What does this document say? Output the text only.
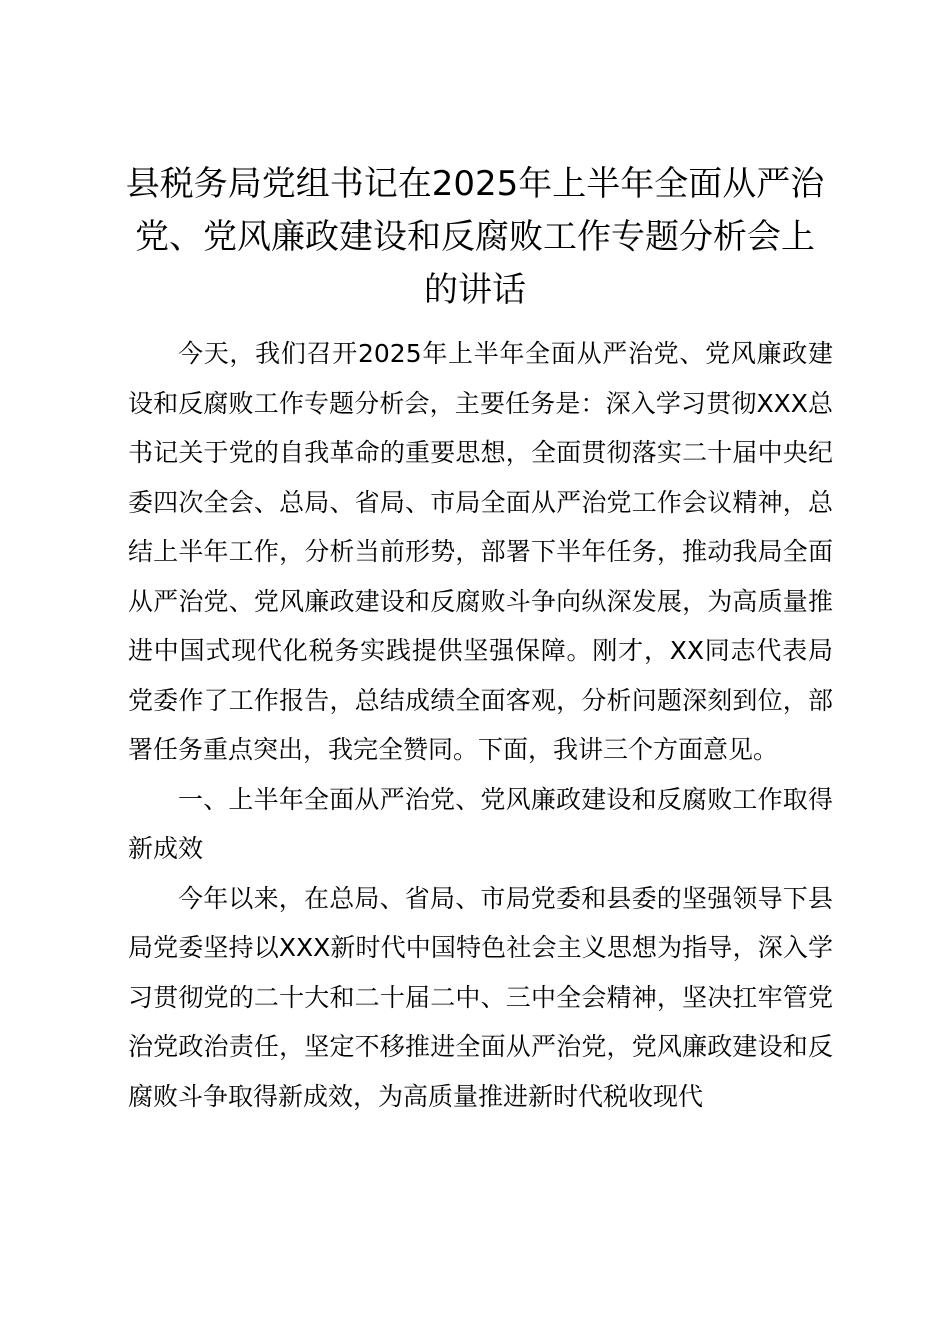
县税务局党组书记在2025年上半年全面从严治党、党风廉政建设和反腐败工作专题分析会上的讲话

今天，我们召开2025年上半年全面从严治党、党风廉政建设和反腐败工作专题分析会，主要任务是：深入学习贯彻XXX总书记关于党的自我革命的重要思想，全面贯彻落实二十届中央纪委四次全会、总局、省局、市局全面从严治党工作会议精神，总结上半年工作，分析当前形势，部署下半年任务，推动我局全面从严治党、党风廉政建设和反腐败斗争向纵深发展，为高质量推进中国式现代化税务实践提供坚强保障。刚才，XX同志代表局党委作了工作报告，总结成绩全面客观，分析问题深刻到位，部署任务重点突出，我完全赞同。下面，我讲三个方面意见。

一、上半年全面从严治党、党风廉政建设和反腐败工作取得新成效

今年以来，在总局、省局、市局党委和县委的坚强领导下县局党委坚持以XXX新时代中国特色社会主义思想为指导，深入学习贯彻党的二十大和二十届二中、三中全会精神，坚决扛牢管党治党政治责任，坚定不移推进全面从严治党，党风廉政建设和反腐败斗争取得新成效，为高质量推进新时代税收现代
